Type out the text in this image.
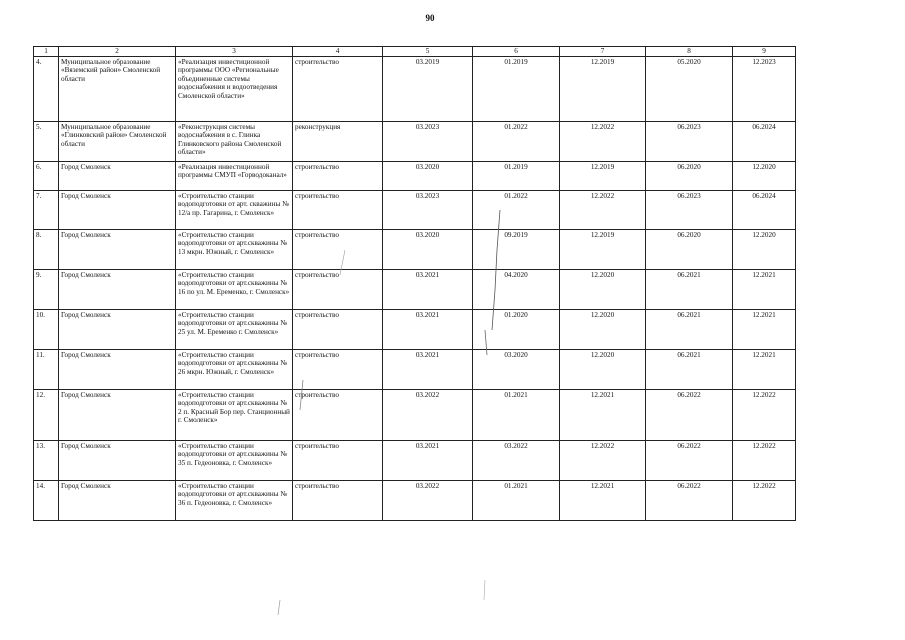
90
1	2	3	4	5	6	7	8	9
4.	Муниципальное образование «Вяземский район» Смоленской области	«Реализация инвестиционной программы ООО «Региональные объединенные системы водоснабжения и водоотведения Смоленской области»	строительство	03.2019	01.2019	12.2019	05.2020	12.2023
5.	Муниципальное образование «Глинковский район» Смоленской области	«Реконструкция системы водоснабжения в с. Глинка Глинковского района Смоленской области»	реконструкция	03.2023	01.2022	12.2022	06.2023	06.2024
6.	Город Смоленск	«Реализация инвестиционной программы СМУП «Горводоканал»	строительство	03.2020	01.2019	12.2019	06.2020	12.2020
7.	Город Смоленск	«Строительство станции водоподготовки от арт. скважины № 12/а пр. Гагарина, г. Смоленск»	строительство	03.2023	01.2022	12.2022	06.2023	06.2024
8.	Город Смоленск	«Строительство станции водоподготовки от арт.скважины № 13 мкрн. Южный, г. Смоленск»	строительство	03.2020	09.2019	12.2019	06.2020	12.2020
9.	Город Смоленск	«Строительство станции водоподготовки от арт.скважины № 16 по ул. М. Еременко, г. Смоленск»	строительство	03.2021	04.2020	12.2020	06.2021	12.2021
10.	Город Смоленск	«Строительство станции водоподготовки от арт.скважины № 25 ул. М. Еременко г. Смоленск»	строительство	03.2021	01.2020	12.2020	06.2021	12.2021
11.	Город Смоленск	«Строительство станции водоподготовки от арт.скважины № 26 мкрн. Южный, г. Смоленск»	строительство	03.2021	03.2020	12.2020	06.2021	12.2021
12.	Город Смоленск	«Строительство станции водоподготовки от арт.скважины № 2 п. Красный Бор пер. Станционный г. Смоленск»	строительство	03.2022	01.2021	12.2021	06.2022	12.2022
13.	Город Смоленск	«Строительство станции водоподготовки от арт.скважины № 35 п. Гедеоновка, г. Смоленск»	строительство	03.2021	03.2022	12.2022	06.2022	12.2022
14.	Город Смоленск	«Строительство станции водоподготовки от арт.скважины № 36 п. Гедеоновка, г. Смоленск»	строительство	03.2022	01.2021	12.2021	06.2022	12.2022
